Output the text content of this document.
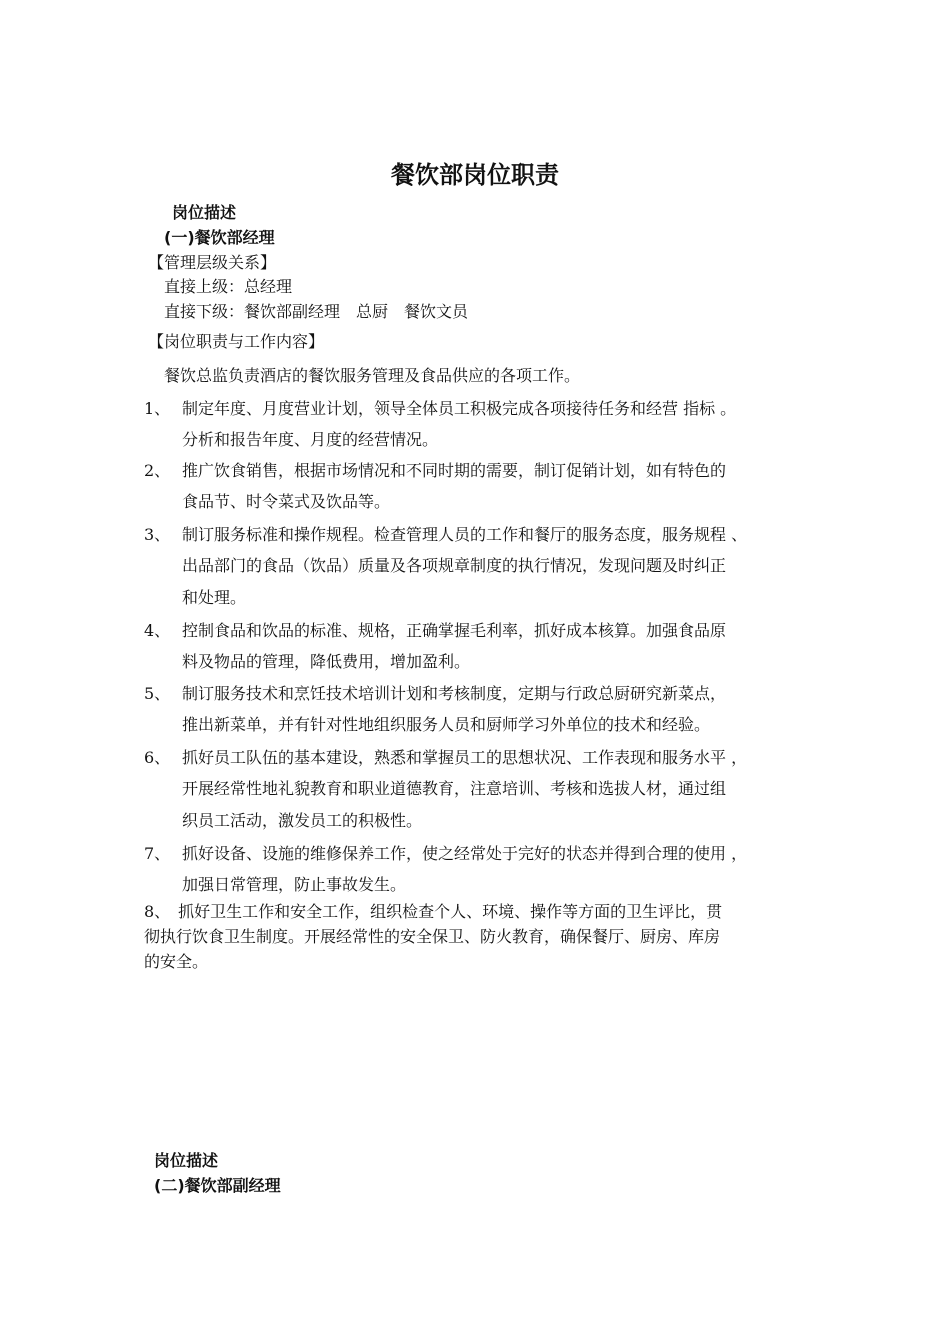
餐饮部岗位职责
岗位描述
(一)餐饮部经理
【管理层级关系】
直接上级：总经理
直接下级：餐饮部副经理　总厨　餐饮文员
【岗位职责与工作内容】
餐饮总监负责酒店的餐饮服务管理及食品供应的各项工作。
1、 制定年度、月度营业计划，领导全体员工积极完成各项接待任务和经营 指标 。
分析和报告年度、月度的经营情况。
2、 推广饮食销售，根据市场情况和不同时期的需要，制订促销计划，如有特色的
食品节、时令菜式及饮品等。
3、 制订服务标准和操作规程。检查管理人员的工作和餐厅的服务态度，服务规程 、
出品部门的食品（饮品）质量及各项规章制度的执行情况，发现问题及时纠正
和处理。
4、 控制食品和饮品的标准、规格，正确掌握毛利率，抓好成本核算。加强食品原
料及物品的管理，降低费用，增加盈利。
5、 制订服务技术和烹饪技术培训计划和考核制度，定期与行政总厨研究新菜点，
推出新菜单，并有针对性地组织服务人员和厨师学习外单位的技术和经验。
6、 抓好员工队伍的基本建设，熟悉和掌握员工的思想状况、工作表现和服务水平 ，
开展经常性地礼貌教育和职业道德教育，注意培训、考核和选拔人材，通过组
织员工活动，激发员工的积极性。
7、 抓好设备、设施的维修保养工作，使之经常处于完好的状态并得到合理的使用 ，
加强日常管理，防止事故发生。
8、　抓好卫生工作和安全工作，组织检查个人、环境、操作等方面的卫生评比，贯
彻执行饮食卫生制度。开展经常性的安全保卫、防火教育，确保餐厅、厨房、库房
的安全。
岗位描述
(二)餐饮部副经理
